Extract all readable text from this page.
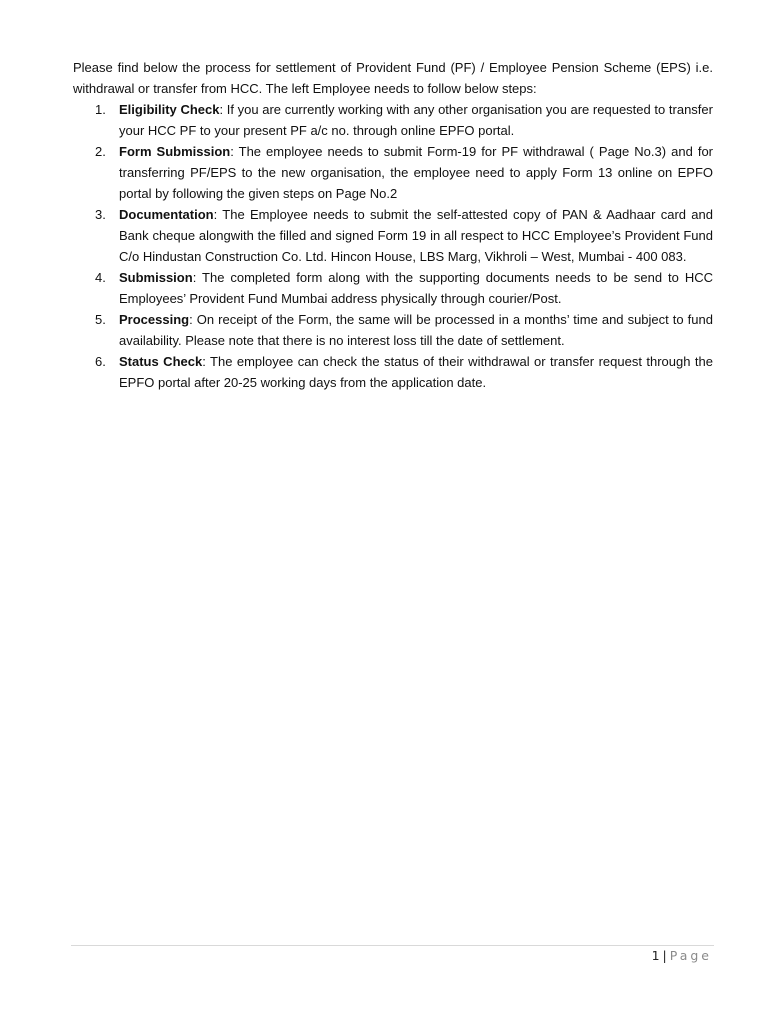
Please find below the process for settlement of Provident Fund (PF) / Employee Pension Scheme (EPS) i.e. withdrawal or transfer from HCC. The left Employee needs to follow below steps:

1. Eligibility Check: If you are currently working with any other organisation you are requested to transfer your HCC PF to your present PF a/c no. through online EPFO portal.
2. Form Submission: The employee needs to submit Form-19 for PF withdrawal ( Page No.3) and for transferring PF/EPS to the new organisation, the employee need to apply Form 13 online on EPFO portal by following the given steps on Page No.2
3. Documentation: The Employee needs to submit the self-attested copy of PAN & Aadhaar card and Bank cheque alongwith the filled and signed Form 19 in all respect to HCC Employee’s Provident Fund C/o Hindustan Construction Co. Ltd. Hincon House, LBS Marg, Vikhroli – West, Mumbai - 400 083.
4. Submission: The completed form along with the supporting documents needs to be send to HCC Employees’ Provident Fund Mumbai address physically through courier/Post.
5. Processing: On receipt of the Form, the same will be processed in a months’ time and subject to fund availability. Please note that there is no interest loss till the date of settlement.
6. Status Check: The employee can check the status of their withdrawal or transfer request through the EPFO portal after 20-25 working days from the application date.
1 | Page
